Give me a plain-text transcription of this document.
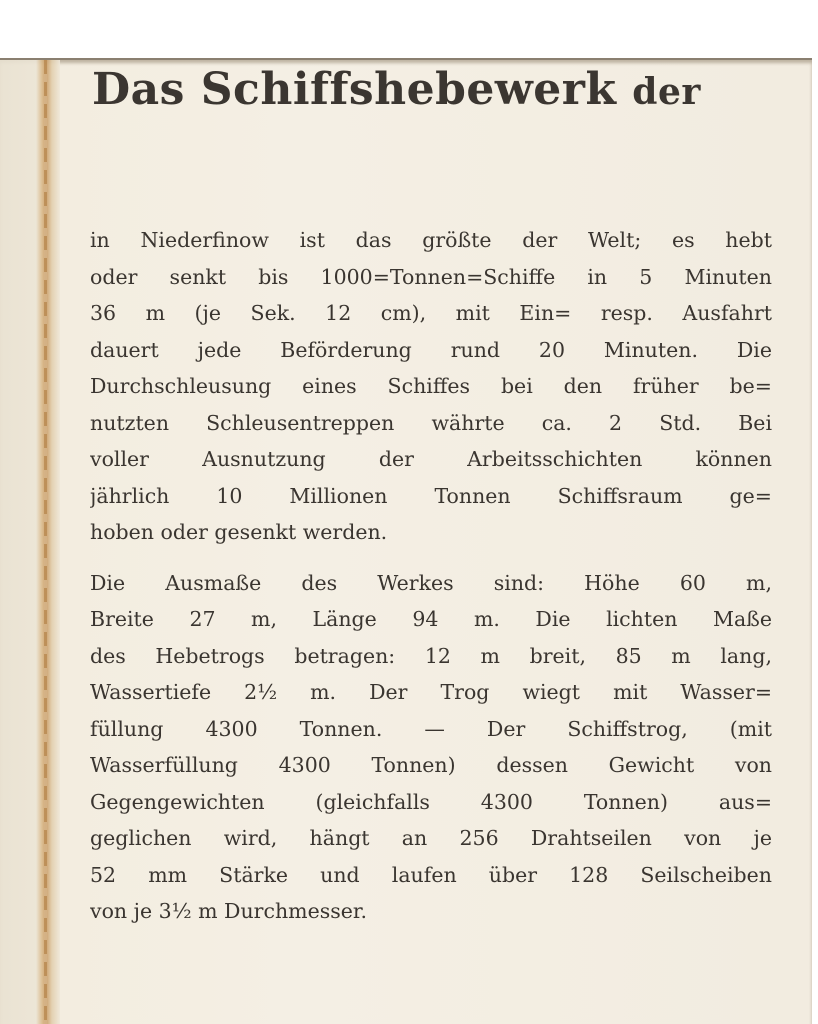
Das Schiffshebewerk der
in Niederfinow ist das größte der Welt; es hebt
oder senkt bis 1000=Tonnen=Schiffe in 5 Minuten
36 m (je Sek. 12 cm), mit Ein= resp. Ausfahrt
dauert jede Beförderung rund 20 Minuten. Die
Durchschleusung eines Schiffes bei den früher be=
nutzten Schleusentreppen währte ca. 2 Std. Bei
voller Ausnutzung der Arbeitsschichten können
jährlich 10 Millionen Tonnen Schiffsraum ge=
hoben oder gesenkt werden.
Die Ausmaße des Werkes sind: Höhe 60 m,
Breite 27 m, Länge 94 m. Die lichten Maße
des Hebetrogs betragen: 12 m breit, 85 m lang,
Wassertiefe 2½ m. Der Trog wiegt mit Wasser=
füllung 4300 Tonnen. — Der Schiffstrog, (mit
Wasserfüllung 4300 Tonnen) dessen Gewicht von
Gegengewichten (gleichfalls 4300 Tonnen) aus=
geglichen wird, hängt an 256 Drahtseilen von je
52 mm Stärke und laufen über 128 Seilscheiben
von je 3½ m Durchmesser.
